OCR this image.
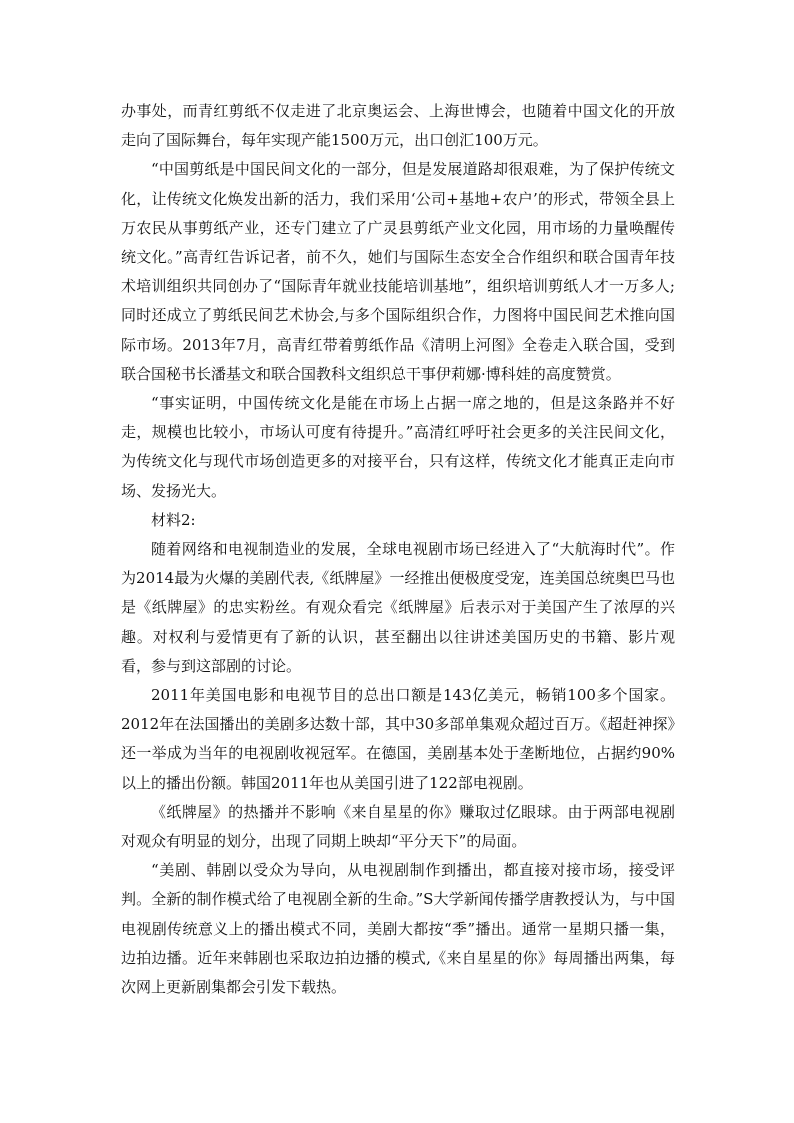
办事处，而青红剪纸不仅走进了北京奥运会、上海世博会，也随着中国文化的开放走向了国际舞台，每年实现产能1500万元，出口创汇100万元。

“中国剪纸是中国民间文化的一部分，但是发展道路却很艰难，为了保护传统文化，让传统文化焕发出新的活力，我们采用‘公司+基地+农户’的形式，带领全县上万农民从事剪纸产业，还专门建立了广灵县剪纸产业文化园，用市场的力量唤醒传统文化。”高青红告诉记者，前不久，她们与国际生态安全合作组织和联合国青年技术培训组织共同创办了“国际青年就业技能培训基地”，组织培训剪纸人才一万多人;同时还成立了剪纸民间艺术协会,与多个国际组织合作，力图将中国民间艺术推向国际市场。2013年7月，高青红带着剪纸作品《清明上河图》全卷走入联合国，受到联合国秘书长潘基文和联合国教科文组织总干事伊莉娜·博科娃的高度赞赏。

“事实证明，中国传统文化是能在市场上占据一席之地的，但是这条路并不好走，规模也比较小，市场认可度有待提升。”高清红呼吁社会更多的关注民间文化，为传统文化与现代市场创造更多的对接平台，只有这样，传统文化才能真正走向市场、发扬光大。

材料2:

随着网络和电视制造业的发展，全球电视剧市场已经进入了“大航海时代”。作为2014最为火爆的美剧代表,《纸牌屋》一经推出便极度受宠，连美国总统奥巴马也是《纸牌屋》的忠实粉丝。有观众看完《纸牌屋》后表示对于美国产生了浓厚的兴趣。对权利与爱情更有了新的认识，甚至翻出以往讲述美国历史的书籍、影片观看，参与到这部剧的讨论。

2011年美国电影和电视节目的总出口额是143亿美元，畅销100多个国家。2012年在法国播出的美剧多达数十部，其中30多部单集观众超过百万。《超赶神探》还一举成为当年的电视剧收视冠军。在德国，美剧基本处于垄断地位，占据约90%以上的播出份额。韩国2011年也从美国引进了122部电视剧。

《纸牌屋》的热播并不影响《来自星星的你》赚取过亿眼球。由于两部电视剧对观众有明显的划分，出现了同期上映却“平分天下”的局面。

“美剧、韩剧以受众为导向，从电视剧制作到播出，都直接对接市场，接受评判。全新的制作模式给了电视剧全新的生命。”S大学新闻传播学唐教授认为，与中国电视剧传统意义上的播出模式不同，美剧大都按“季”播出。通常一星期只播一集，边拍边播。近年来韩剧也采取边拍边播的模式,《来自星星的你》每周播出两集，每次网上更新剧集都会引发下载热。
